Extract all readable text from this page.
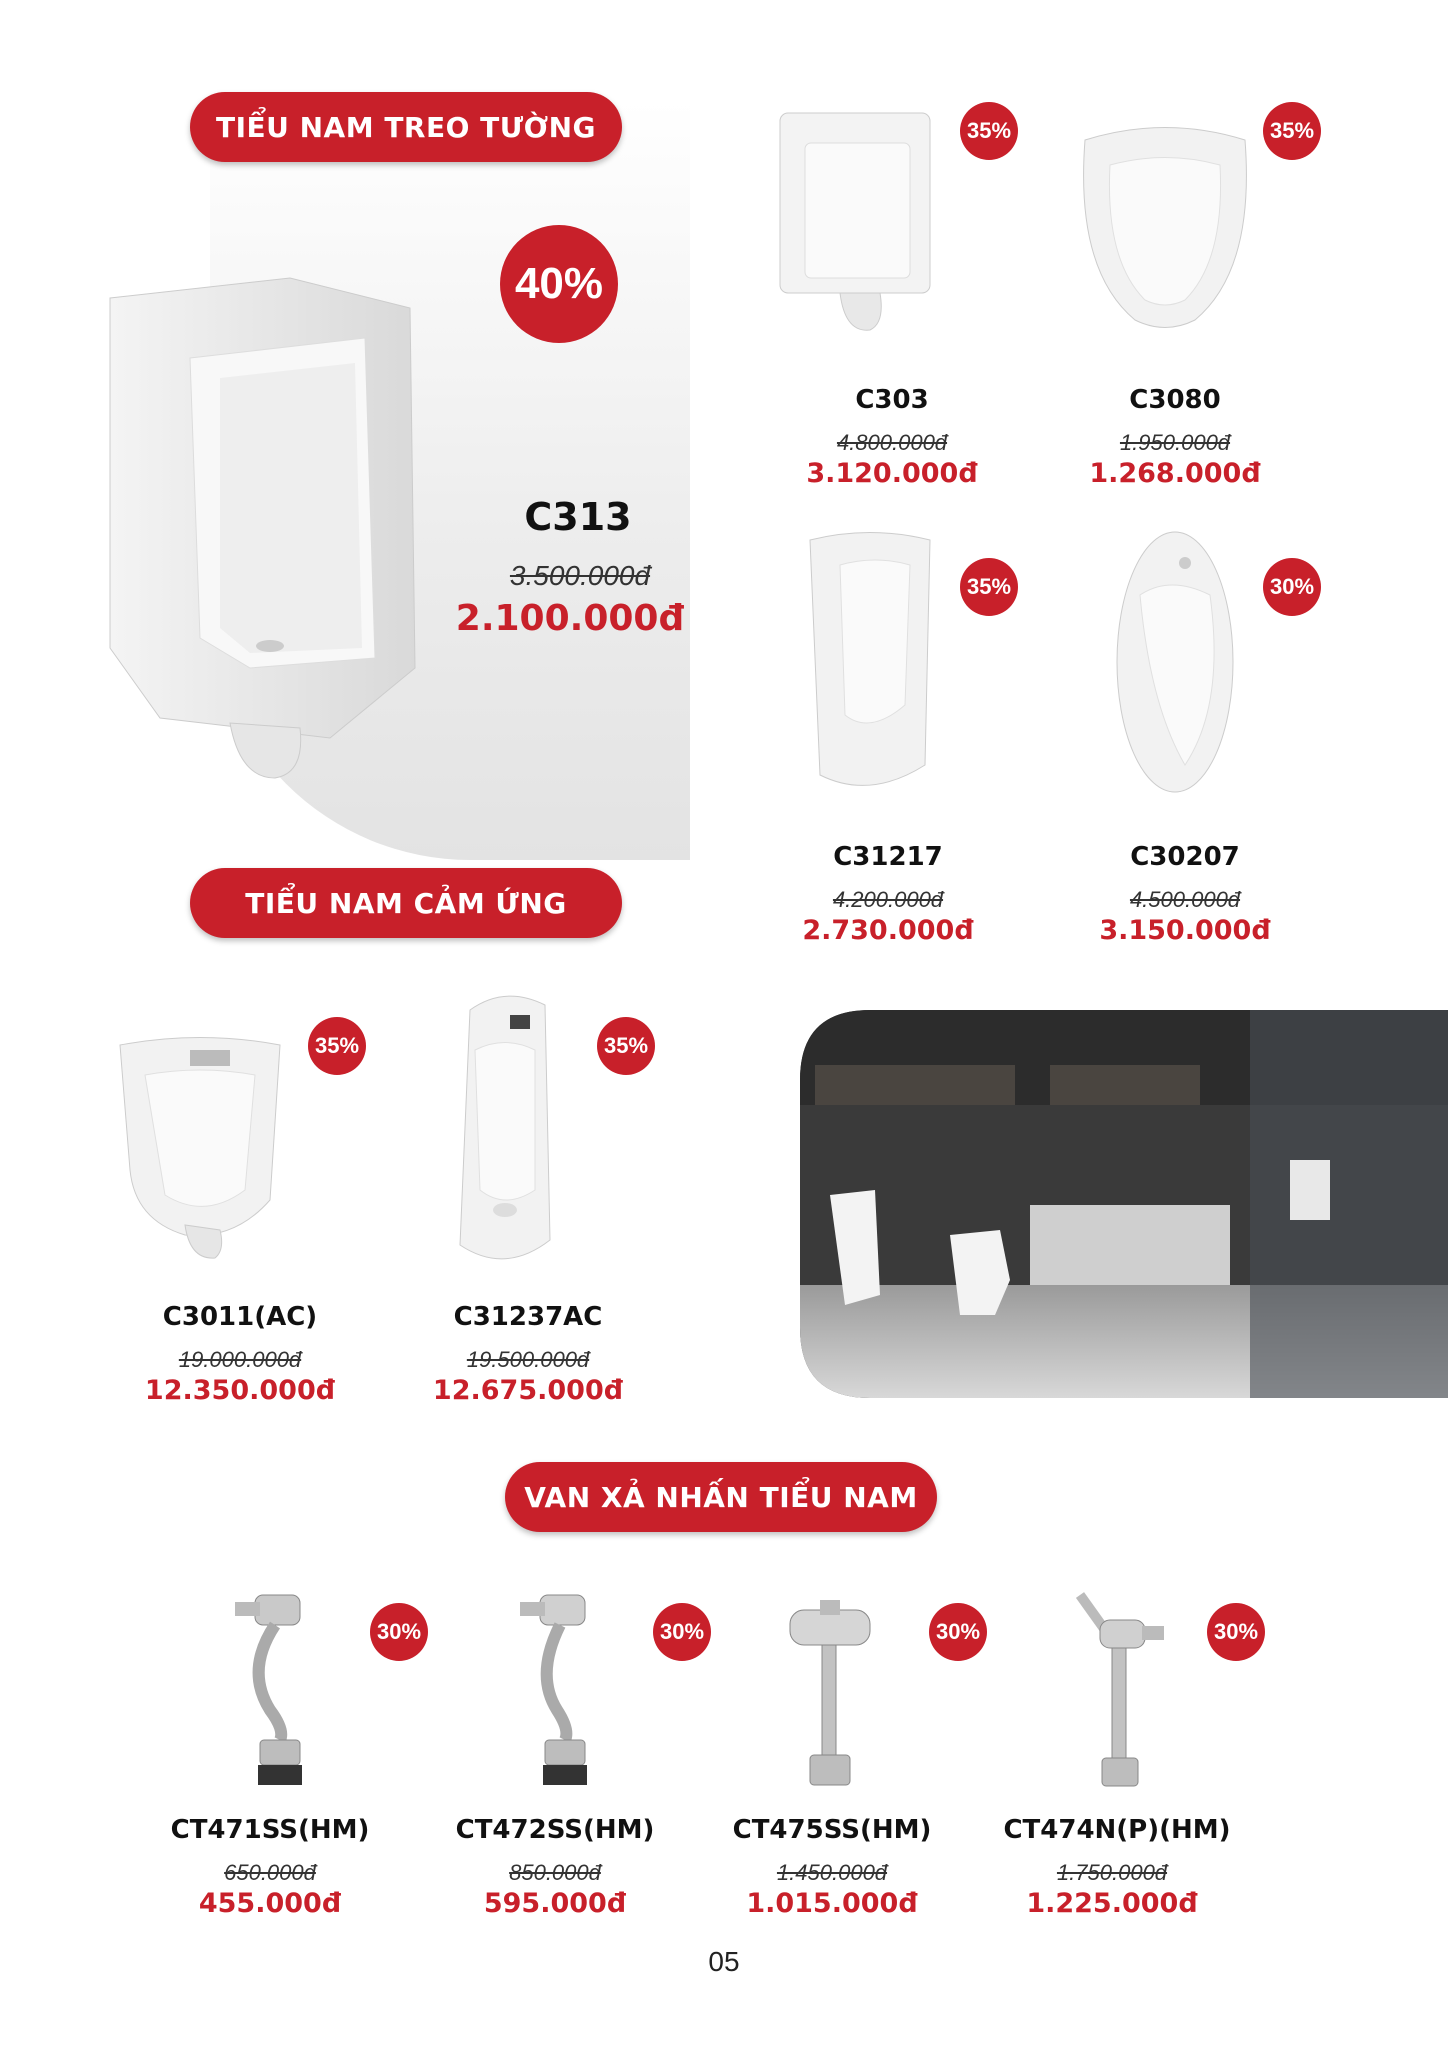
TIỂU NAM TREO TƯỜNG
TIỂU NAM CẢM ỨNG
VAN XẢ NHẤN TIỂU NAM
40%
C313
3.500.000đ
2.100.000đ
35%
C303
4.800.000đ
3.120.000đ
35%
C3080
1.950.000đ
1.268.000đ
35%
C31217
4.200.000đ
2.730.000đ
30%
C30207
4.500.000đ
3.150.000đ
35%
C3011(AC)
19.000.000đ
12.350.000đ
35%
C31237AC
19.500.000đ
12.675.000đ
30%
CT471SS(HM)
650.000đ
455.000đ
30%
CT472SS(HM)
850.000đ
595.000đ
30%
CT475SS(HM)
1.450.000đ
1.015.000đ
30%
CT474N(P)(HM)
1.750.000đ
1.225.000đ
05
